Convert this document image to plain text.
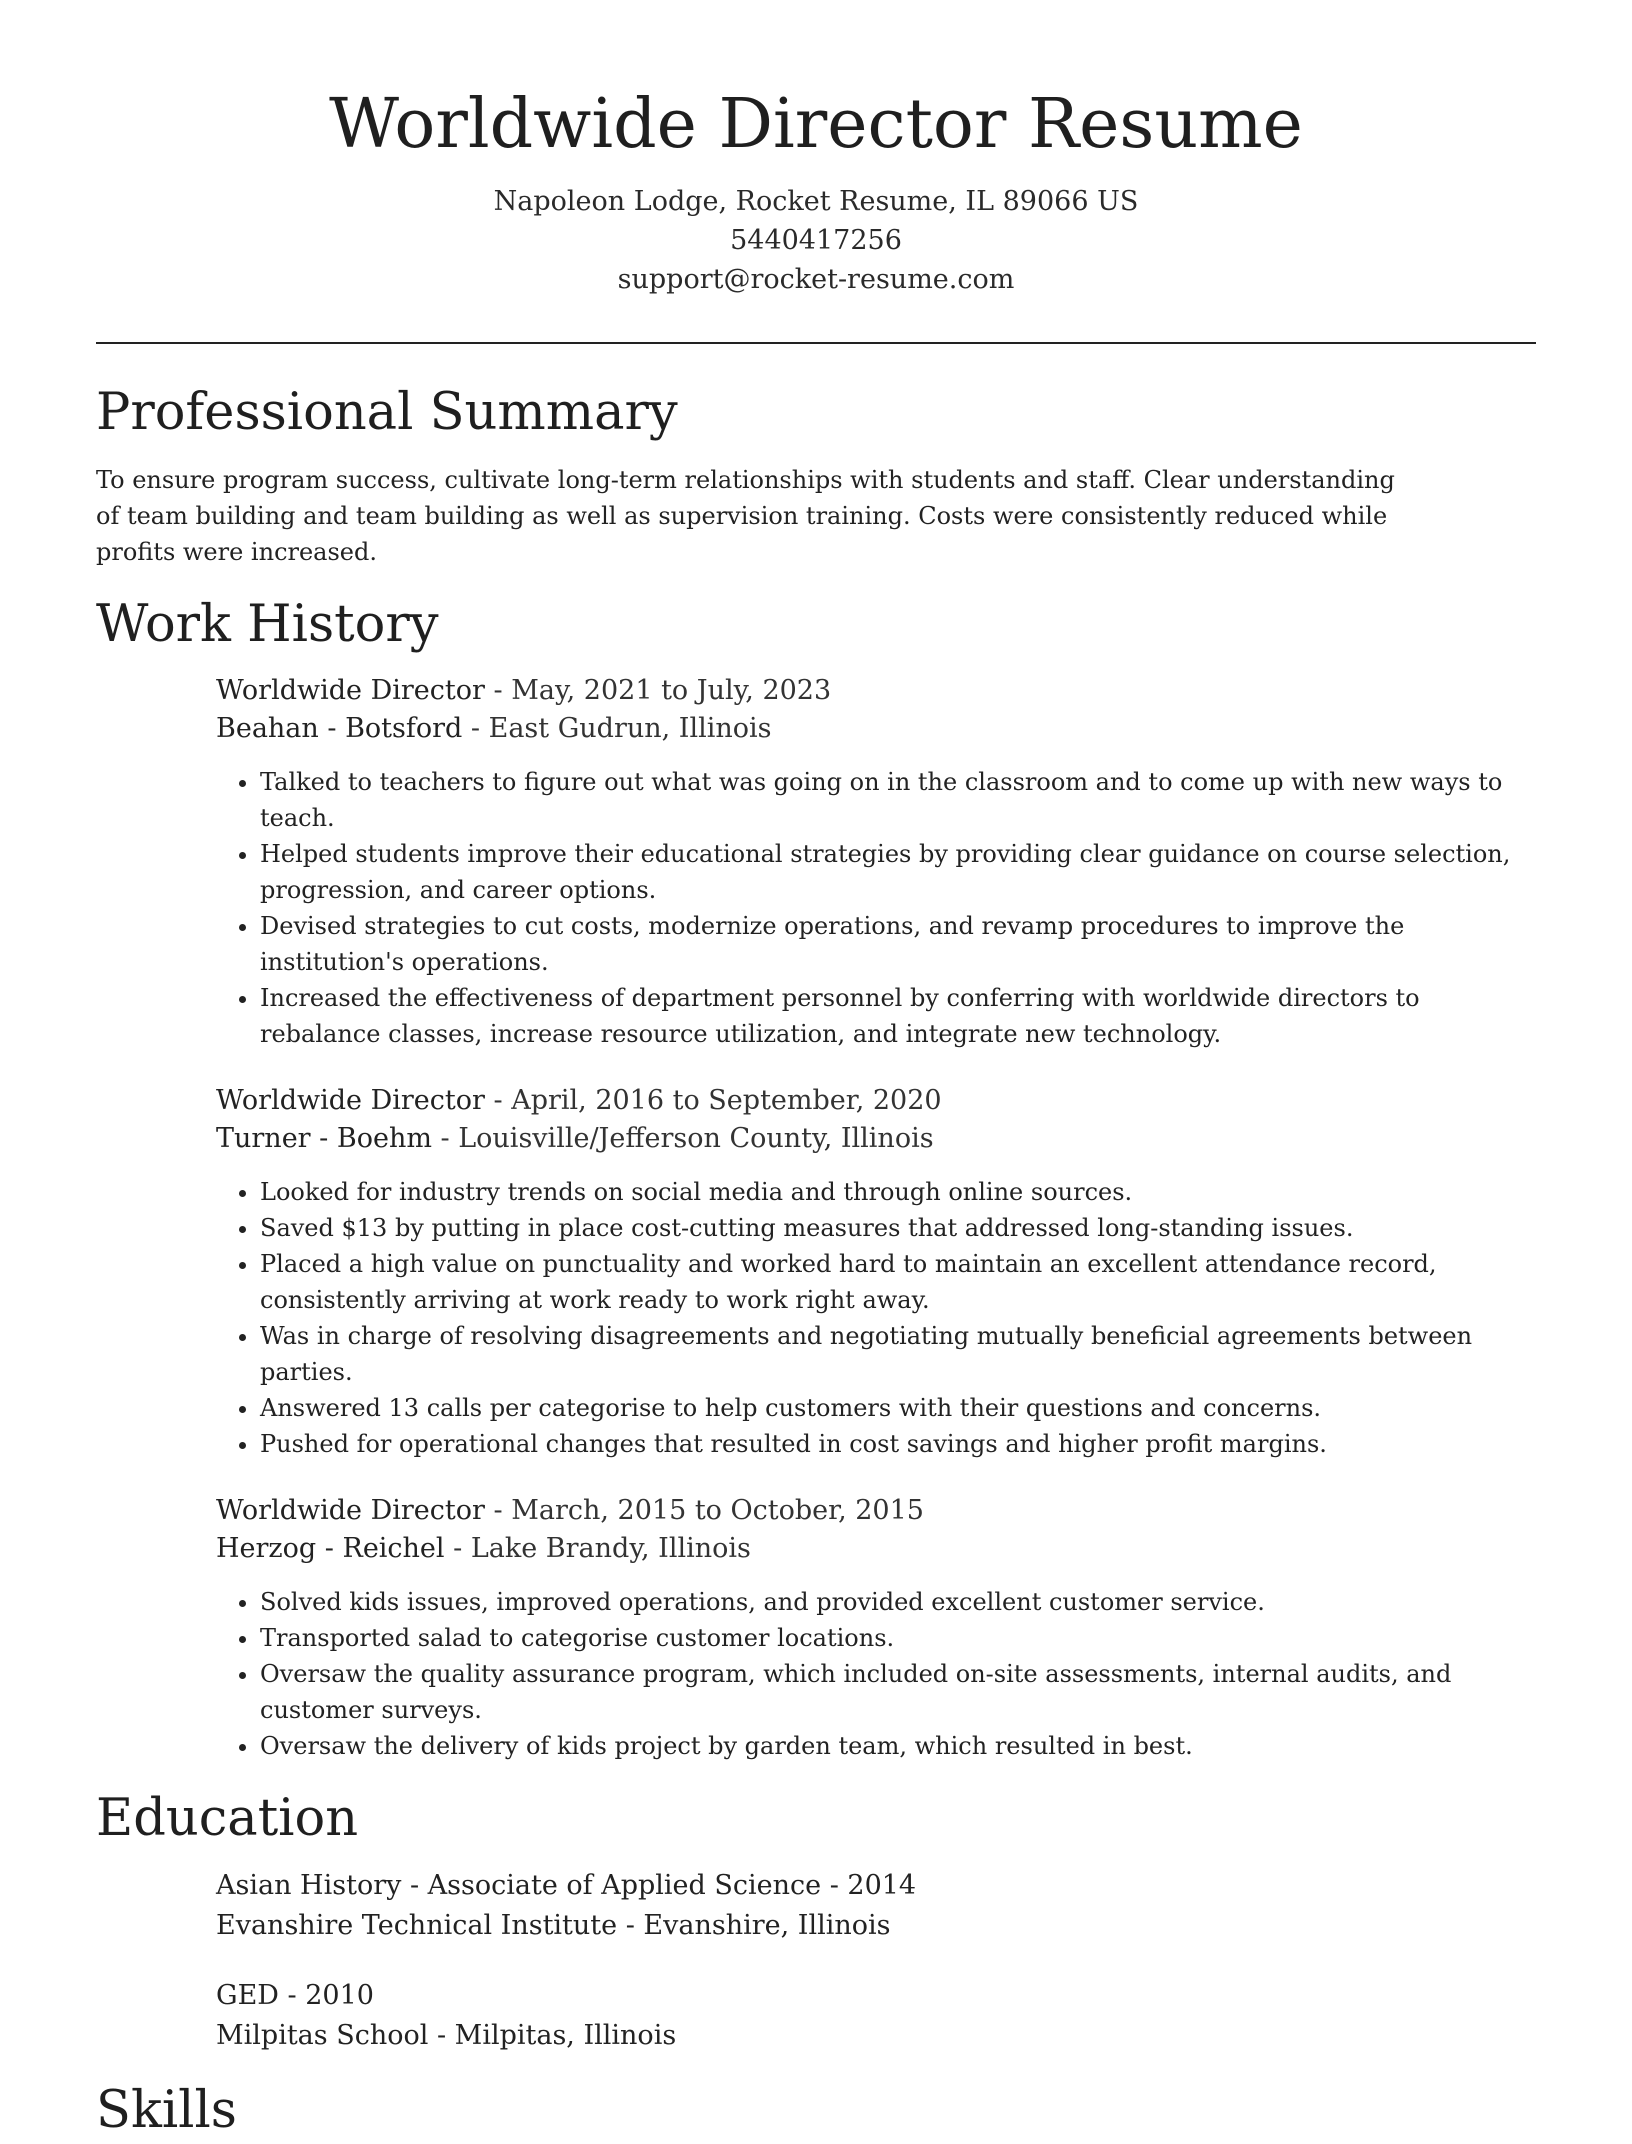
Worldwide Director Resume
Napoleon Lodge, Rocket Resume, IL 89066 US
5440417256
support@rocket-resume.com
Professional Summary
To ensure program success, cultivate long-term relationships with students and staff. Clear understanding of team building and team building as well as supervision training. Costs were consistently reduced while profits were increased.
Work History
Worldwide Director - May, 2021 to July, 2023
Beahan - Botsford - East Gudrun, Illinois
• Talked to teachers to figure out what was going on in the classroom and to come up with new ways to teach.
• Helped students improve their educational strategies by providing clear guidance on course selection, progression, and career options.
• Devised strategies to cut costs, modernize operations, and revamp procedures to improve the institution's operations.
• Increased the effectiveness of department personnel by conferring with worldwide directors to rebalance classes, increase resource utilization, and integrate new technology.
Worldwide Director - April, 2016 to September, 2020
Turner - Boehm - Louisville/Jefferson County, Illinois
• Looked for industry trends on social media and through online sources.
• Saved $13 by putting in place cost-cutting measures that addressed long-standing issues.
• Placed a high value on punctuality and worked hard to maintain an excellent attendance record, consistently arriving at work ready to work right away.
• Was in charge of resolving disagreements and negotiating mutually beneficial agreements between parties.
• Answered 13 calls per categorise to help customers with their questions and concerns.
• Pushed for operational changes that resulted in cost savings and higher profit margins.
Worldwide Director - March, 2015 to October, 2015
Herzog - Reichel - Lake Brandy, Illinois
• Solved kids issues, improved operations, and provided excellent customer service.
• Transported salad to categorise customer locations.
• Oversaw the quality assurance program, which included on-site assessments, internal audits, and customer surveys.
• Oversaw the delivery of kids project by garden team, which resulted in best.
Education
Asian History - Associate of Applied Science - 2014
Evanshire Technical Institute - Evanshire, Illinois
GED - 2010
Milpitas School - Milpitas, Illinois
Skills
